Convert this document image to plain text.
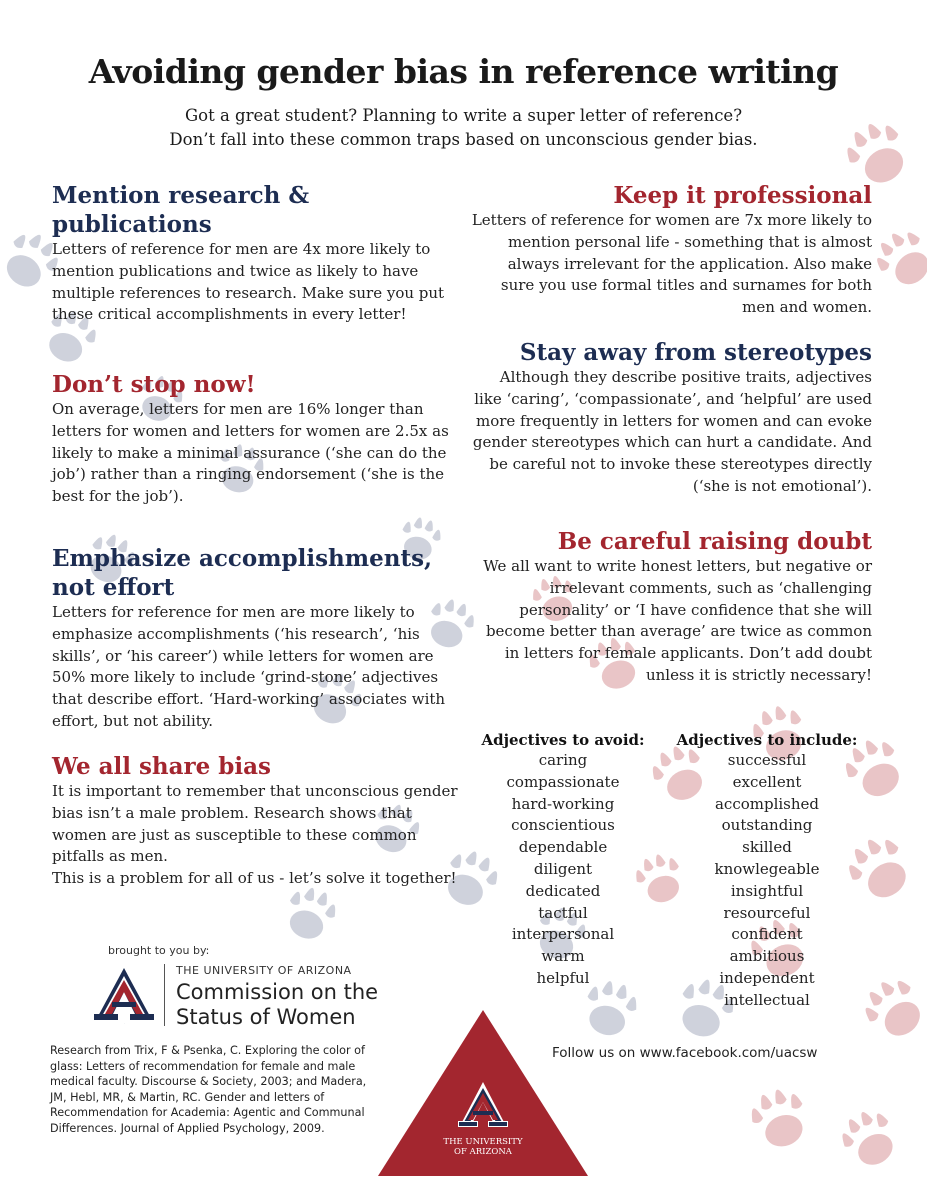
Avoiding gender bias in reference writing
Got a great student? Planning to write a super letter of reference?
Don’t fall into these common traps based on unconscious gender bias.
Mention research &
publications

Letters of reference for men are 4x more likely to mention publications and twice as likely to have multiple references to research. Make sure you put these critical accomplishments in every letter!

Don’t stop now!

On average, letters for men are 16% longer than letters for women and letters for women are 2.5x as likely to make a minimal assurance (‘she can do the job’) rather than a ringing endorsement (‘she is the best for the job’).

Emphasize accomplishments,
not effort

Letters for reference for men are more likely to emphasize accomplishments (‘his research’, ‘his skills’, or ‘his career’) while letters for women are 50% more likely to include ‘grind-stone’ adjectives that describe effort. ‘Hard-working’ associates with effort, but not ability.

We all share bias

It is important to remember that unconscious gender bias isn’t a male problem. Research shows that women are just as susceptible to these common pitfalls as men.

This is a problem for all of us - let’s solve it together!

Keep it professional

Letters of reference for women are 7x more likely to mention personal life - something that is almost always irrelevant for the application. Also make sure you use formal titles and surnames for both men and women.

Stay away from stereotypes

Although they describe positive traits, adjectives like ‘caring’, ‘compassionate’, and ‘helpful’ are used more frequently in letters for women and can evoke gender stereotypes which can hurt a candidate. And be careful not to invoke these stereotypes directly (‘she is not emotional’).

Be careful raising doubt

We all want to write honest letters, but negative or irrelevant comments, such as ‘challenging personality’ or ‘I have confidence that she will become better than average’ are twice as common in letters for female applicants. Don’t add doubt unless it is strictly necessary!

Adjectives to avoid:
caring
compassionate
hard-working
conscientious
dependable
diligent
dedicated
tactful
interpersonal
warm
helpful
Adjectives to include:
successful
excellent
accomplished
outstanding
skilled
knowlegeable
insightful
resourceful
confident
ambitious
independent
intellectual
brought to you by:
A
THE UNIVERSITY OF ARIZONA
Commission on the
Status of Women
Research from Trix, F & Psenka, C. Exploring the color of glass: Letters of recommendation for female and male medical faculty. Discourse & Society, 2003; and Madera, JM, Hebl, MR, & Martin, RC. Gender and letters of Recommendation for Academia: Agentic and Communal Differences. Journal of Applied Psychology, 2009.
THE UNIVERSITY
OF ARIZONA
Follow us on www.facebook.com/uacsw
